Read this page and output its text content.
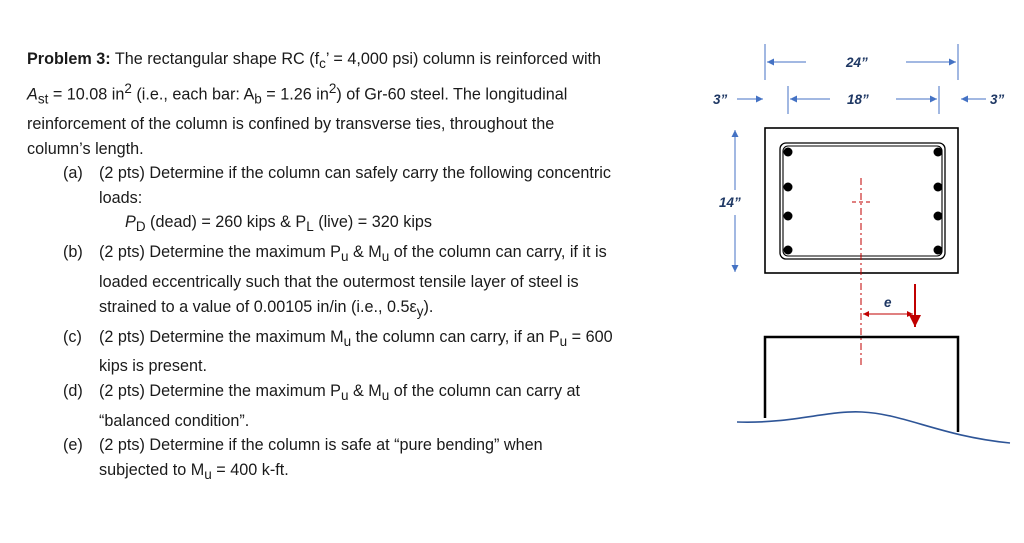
Problem 3: The rectangular shape RC ($f_c$’ = 4,000 psi) column is reinforced with
$A_{st} = 10.08$ $in^2$ (i.e., each bar: $A_b = 1.26$ $in^2$) of Gr-60 steel. The longitudinal
reinforcement of the column is confined by transverse ties, throughout the
column’s length.
(a)	(2 pts) Determine if the column can safely carry the following concentric
loads:
$P_D$ (dead) = 260 kips & $P_L$ (live) = 320 kips
(b)	(2 pts) Determine the maximum $P_u$ & $M_u$ of the column can carry, if it is
loaded eccentrically such that the outermost tensile layer of steel is
strained to a value of 0.00105 in/in (i.e., $0.5\varepsilon_y$).
(c)	(2 pts) Determine the maximum $M_u$ the column can carry, if an $P_u = 600$
kips is present.
(d)	(2 pts) Determine the maximum $P_u$ & $M_u$ of the column can carry at
“balanced condition”.
(e)	(2 pts) Determine if the column is safe at “pure bending” when
subjected to $M_u = 400$ k-ft.
24”
18”
3”	3”
14”
e
